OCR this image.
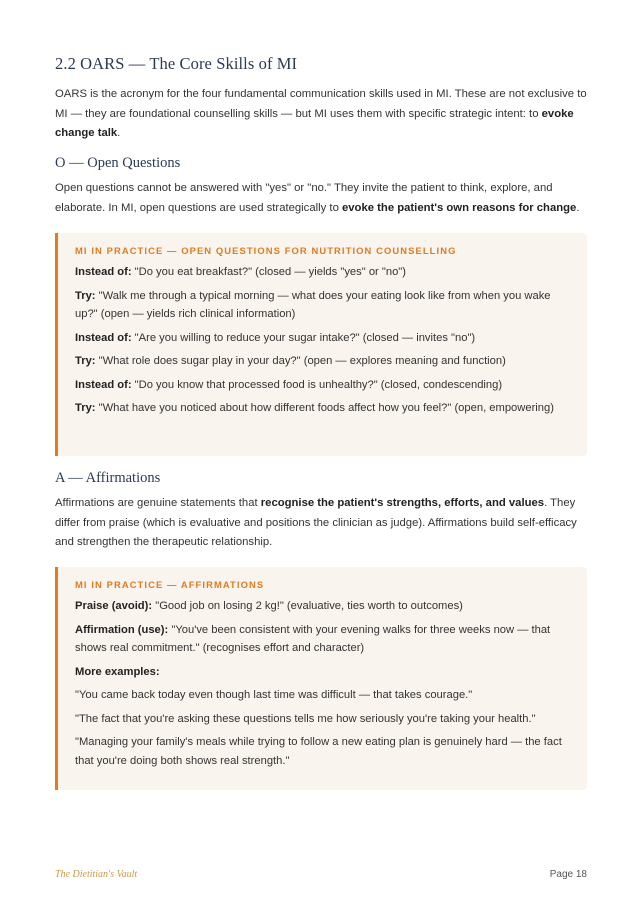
2.2 OARS — The Core Skills of MI

OARS is the acronym for the four fundamental communication skills used in MI. These are not exclusive to MI — they are foundational counselling skills — but MI uses them with specific strategic intent: to evoke change talk.

O — Open Questions

Open questions cannot be answered with "yes" or "no." They invite the patient to think, explore, and elaborate. In MI, open questions are used strategically to evoke the patient's own reasons for change.

MI IN PRACTICE — OPEN QUESTIONS FOR NUTRITION COUNSELLING
Instead of: "Do you eat breakfast?" (closed — yields "yes" or "no")
Try: "Walk me through a typical morning — what does your eating look like from when you wake up?" (open — yields rich clinical information)
Instead of: "Are you willing to reduce your sugar intake?" (closed — invites "no")
Try: "What role does sugar play in your day?" (open — explores meaning and function)
Instead of: "Do you know that processed food is unhealthy?" (closed, condescending)
Try: "What have you noticed about how different foods affect how you feel?" (open, empowering)
A — Affirmations

Affirmations are genuine statements that recognise the patient's strengths, efforts, and values. They differ from praise (which is evaluative and positions the clinician as judge). Affirmations build self-efficacy and strengthen the therapeutic relationship.

MI IN PRACTICE — AFFIRMATIONS
Praise (avoid): "Good job on losing 2 kg!" (evaluative, ties worth to outcomes)
Affirmation (use): "You've been consistent with your evening walks for three weeks now — that shows real commitment." (recognises effort and character)
More examples:
"You came back today even though last time was difficult — that takes courage."
"The fact that you're asking these questions tells me how seriously you're taking your health."
"Managing your family's meals while trying to follow a new eating plan is genuinely hard — the fact that you're doing both shows real strength."
The Dietitian's Vault	Page 18
